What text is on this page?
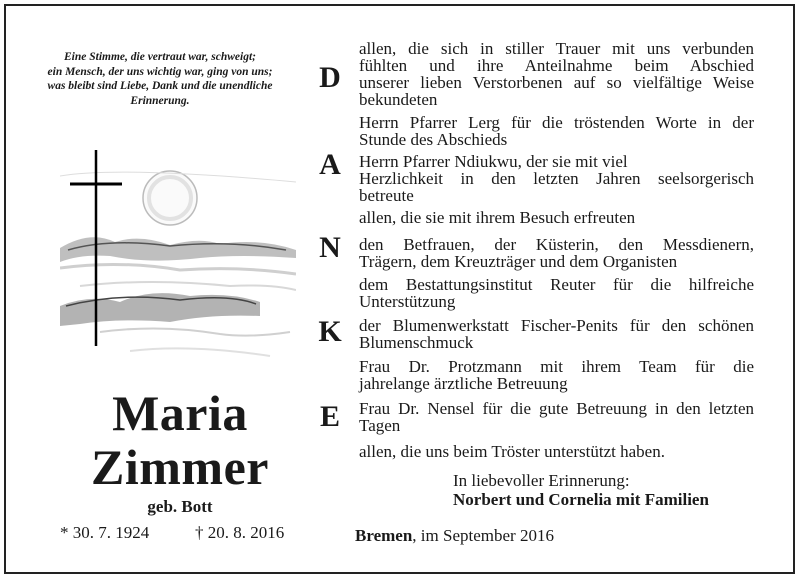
Eine Stimme, die vertraut war, schweigt;
ein Mensch, der uns wichtig war, ging von uns;
was bleibt sind Liebe, Dank und die unendliche
Erinnerung.
Maria
Zimmer
geb. Bott
* 30. 7. 1924	† 20. 8. 2016
D
A
N
K
E
allen, die sich in stiller Trauer mit uns verbunden
fühlten und ihre Anteilnahme beim Abschied
unserer lieben Verstorbenen auf so vielfältige Weise
bekundeten
Herrn Pfarrer Lerg für die tröstenden Worte in der
Stunde des Abschieds
Herrn Pfarrer Ndiukwu, der sie mit viel
Herzlichkeit in den letzten Jahren seelsorgerisch
betreute
allen, die sie mit ihrem Besuch erfreuten
den Betfrauen, der Küsterin, den Messdienern,
Trägern, dem Kreuzträger und dem Organisten
dem Bestattungsinstitut Reuter für die hilfreiche
Unterstützung
der Blumenwerkstatt Fischer-Penits für den schönen
Blumenschmuck
Frau Dr. Protzmann mit ihrem Team für die
jahrelange ärztliche Betreuung
Frau Dr. Nensel für die gute Betreuung in den letzten
Tagen
allen, die uns beim Tröster unterstützt haben.
In liebevoller Erinnerung:
Norbert und Cornelia mit Familien
Bremen, im September 2016
